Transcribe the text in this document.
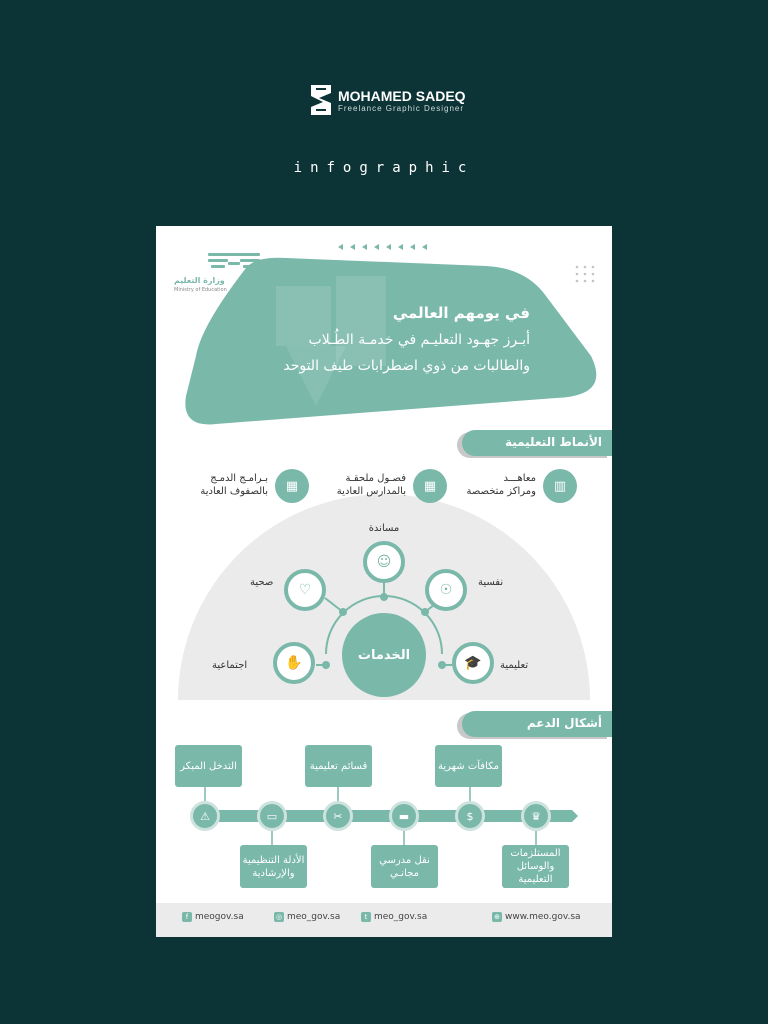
MOHAMED SADEQ
Freelance Graphic Designer
infographic
وزارة التعليم
Ministry of Education
في يومهم العالمي
أبـرز جهـود التعليـم في خدمـة الطُـلاب
والطالبات من ذوي اضطرابات طيف التوحد
الأنماط التعليمية
▥
معاهـــد
ومراكز متخصصة
▦
فصـول ملحقـة
بالمدارس العادية
▦
بـرامـج الدمـج
بالصفوف العادية
الخدمات
☺
♡	☉
✋	🎓
مساندة
صحية	نفسية
اجتماعية	تعليمية
أشكال الدعم
التدخل المبكر
الأدلة التنظيمية والإرشادية
قسائم تعليمية
نقل مدرسي مجانـي
مكافآت شهرية
المستلزمات والوسائل التعليمية
⚠	▭	✂	▬	$	♛
f meogov.sa	◎ meo_gov.sa	t meo_gov.sa	⊕ www.meo.gov.sa
